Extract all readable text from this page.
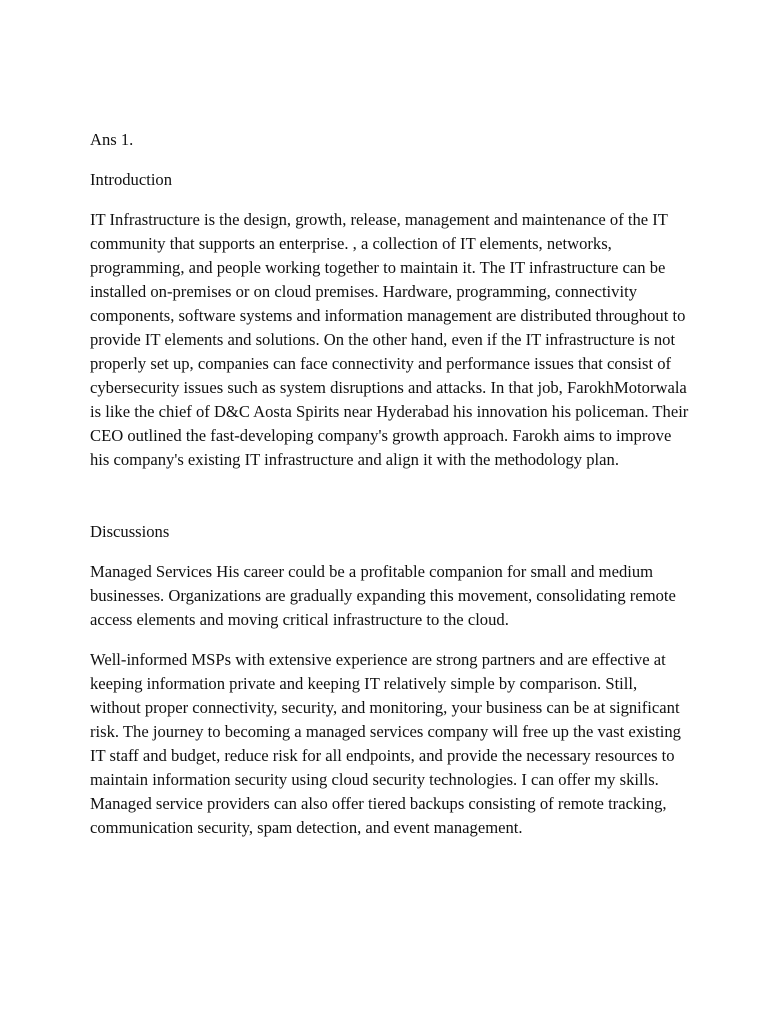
Ans 1.

Introduction

IT Infrastructure is the design, growth, release, management and maintenance of the IT community that supports an enterprise. , a collection of IT elements, networks, programming, and people working together to maintain it. The IT infrastructure can be installed on-premises or on cloud premises. Hardware, programming, connectivity components, software systems and information management are distributed throughout to provide IT elements and solutions. On the other hand, even if the IT infrastructure is not properly set up, companies can face connectivity and performance issues that consist of cybersecurity issues such as system disruptions and attacks. In that job, FarokhMotorwala is like the chief of D&C Aosta Spirits near Hyderabad his innovation his policeman. Their CEO outlined the fast-developing company's growth approach. Farokh aims to improve his company's existing IT infrastructure and align it with the methodology plan.

Discussions

Managed Services His career could be a profitable companion for small and medium businesses. Organizations are gradually expanding this movement, consolidating remote access elements and moving critical infrastructure to the cloud.

Well-informed MSPs with extensive experience are strong partners and are effective at keeping information private and keeping IT relatively simple by comparison. Still, without proper connectivity, security, and monitoring, your business can be at significant risk. The journey to becoming a managed services company will free up the vast existing IT staff and budget, reduce risk for all endpoints, and provide the necessary resources to maintain information security using cloud security technologies. I can offer my skills. Managed service providers can also offer tiered backups consisting of remote tracking, communication security, spam detection, and event management.
